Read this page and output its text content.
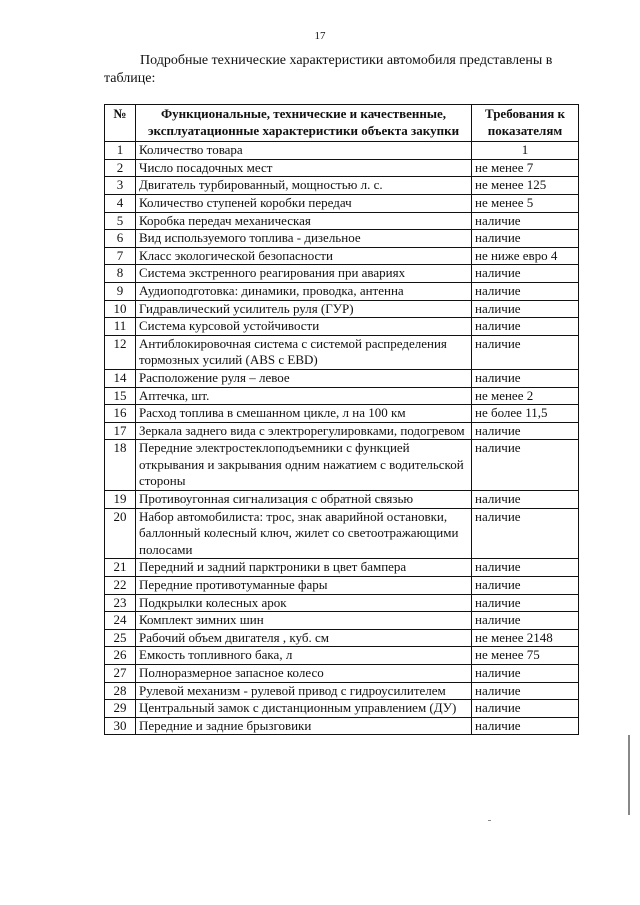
17

Подробные технические характеристики автомобиля представлены в таблице:

№	Функциональные, технические и качественные, эксплуатационные характеристики объекта закупки	Требования к показателям
1	Количество товара	1
2	Число посадочных мест	не менее 7
3	Двигатель турбированный, мощностью л. с.	не менее 125
4	Количество ступеней коробки передач	не менее 5
5	Коробка передач механическая	наличие
6	Вид используемого топлива - дизельное	наличие
7	Класс экологической безопасности	не ниже евро 4
8	Система экстренного реагирования при авариях	наличие
9	Аудиоподготовка: динамики, проводка, антенна	наличие
10	Гидравлический усилитель руля (ГУР)	наличие
11	Система курсовой устойчивости	наличие
12	Антиблокировочная система с системой распределения тормозных усилий (ABS с EBD)	наличие
14	Расположение руля – левое	наличие
15	Аптечка, шт.	не менее 2
16	Расход топлива в смешанном цикле, л на 100 км	не более 11,5
17	Зеркала заднего вида с электрорегулировками, подогревом	наличие
18	Передние электростеклоподъемники с функцией открывания и закрывания одним нажатием с водительской стороны	наличие
19	Противоугонная сигнализация с обратной связью	наличие
20	Набор автомобилиста: трос, знак аварийной остановки, баллонный колесный ключ, жилет со светоотражающими полосами	наличие
21	Передний и задний парктроники в цвет бампера	наличие
22	Передние противотуманные фары	наличие
23	Подкрылки колесных арок	наличие
24	Комплект зимних шин	наличие
25	Рабочий объем двигателя , куб. см	не менее 2148
26	Емкость топливного бака, л	не менее 75
27	Полноразмерное запасное колесо	наличие
28	Рулевой механизм - рулевой привод с гидроусилителем	наличие
29	Центральный замок с дистанционным управлением (ДУ)	наличие
30	Передние и задние брызговики	наличие
